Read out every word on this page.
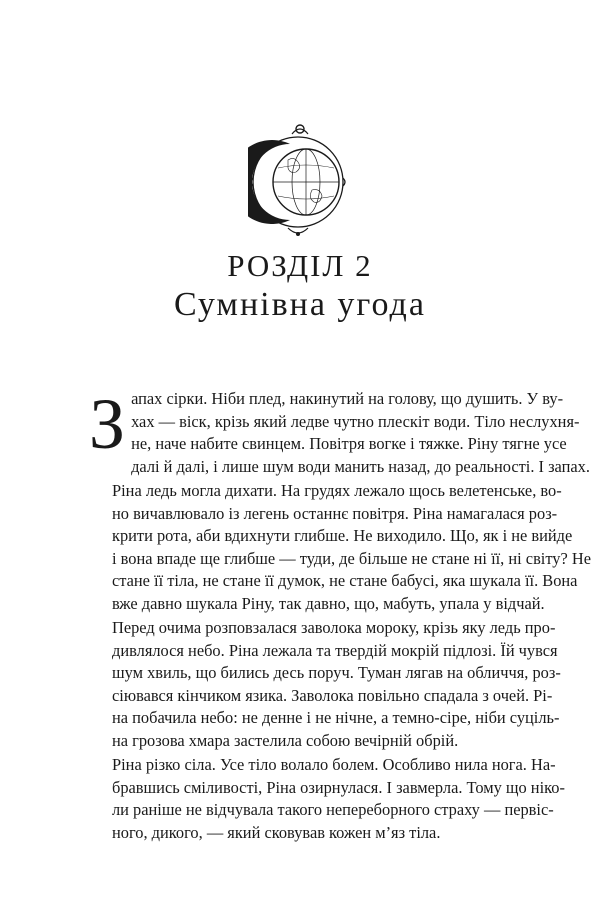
РОЗДІЛ 2
Сумнівна угода

З апах сірки. Ніби плед, накинутий на голову, що душить. У ву-
хах — віск, крізь який ледве чутно плескіт води. Тіло неслухня-
не, наче набите свинцем. Повітря вогке і тяжке. Ріну тягне усе
далі й далі, і лише шум води манить назад, до реальності. І запах.

Ріна ледь могла дихати. На грудях лежало щось велетенське, во-
но вичавлювало із легень останнє повітря. Ріна намагалася роз-
крити рота, аби вдихнути глибше. Не виходило. Що, як і не вийде
і вона впаде ще глибше — туди, де більше не стане ні її, ні світу? Не
стане її тіла, не стане її думок, не стане бабусі, яка шукала її. Вона
вже давно шукала Ріну, так давно, що, мабуть, упала у відчай.

Перед очима розповзалася заволока мороку, крізь яку ледь про-
дивлялося небо. Ріна лежала та твердій мокрій підлозі. Їй чувся
шум хвиль, що бились десь поруч. Туман лягав на обличчя, роз-
сіювався кінчиком язика. Заволока повільно спадала з очей. Рі-
на побачила небо: не денне і не нічне, а темно-сіре, ніби суціль-
на грозова хмара застелила собою вечірній обрій.

Ріна різко сіла. Усе тіло волало болем. Особливо нила нога. На-
бравшись сміливості, Ріна озирнулася. І завмерла. Тому що ніко-
ли раніше не відчувала такого непереборного страху — первіс-
ного, дикого, — який сковував кожен м’яз тіла.
